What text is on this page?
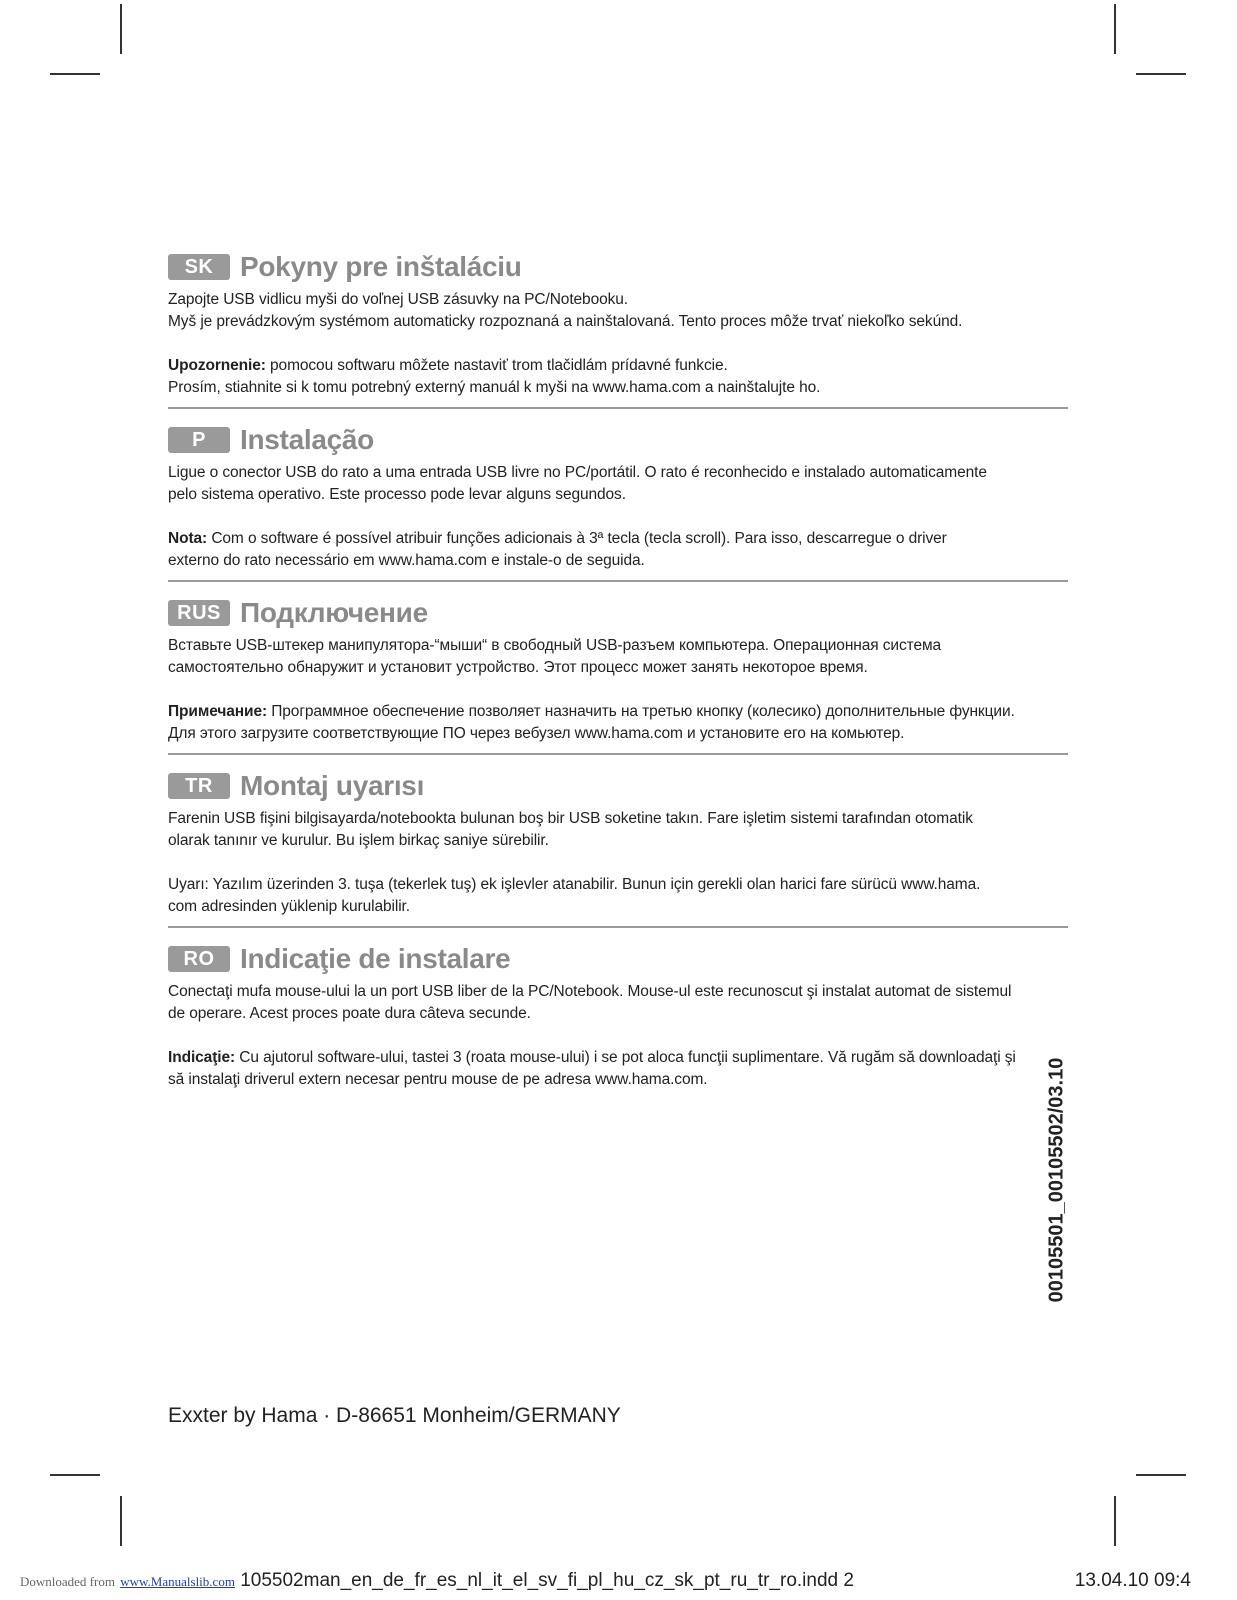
SK Pokyny pre inštaláciu

Zapojte USB vidlicu myši do voľnej USB zásuvky na PC/Notebooku.
Myš je prevádzkovým systémom automaticky rozpoznaná a nainštalovaná. Tento proces môže trvať niekoľko sekúnd.

Upozornenie: pomocou softwaru môžete nastaviť trom tlačidlám prídavné funkcie.
Prosím, stiahnite si k tomu potrebný externý manuál k myši na www.hama.com a nainštalujte ho.

P	Instalação

Ligue o conector USB do rato a uma entrada USB livre no PC/portátil. O rato é reconhecido e instalado automaticamente
pelo sistema operativo. Este processo pode levar alguns segundos.

Nota: Com o software é possível atribuir funções adicionais à 3ª tecla (tecla scroll). Para isso, descarregue o driver
externo do rato necessário em www.hama.com e instale-o de seguida.

RUS Подключение

Вставьте USB-штекер манипулятора-“мыши“ в свободный USB-разъем компьютера. Операционная система
самостоятельно обнаружит и установит устройство. Этот процесс может занять некоторое время.

Примечание: Программное обеспечение позволяет назначить на третью кнопку (колесико) дополнительные функции.
Для этого загрузите соответствующие ПО через вебузел www.hama.com и установите его на комьютер.

TR Montaj uyarısı

Farenin USB fişini bilgisayarda/notebookta bulunan boş bir USB soketine takın. Fare işletim sistemi tarafından otomatik
olarak tanınır ve kurulur. Bu işlem birkaç saniye sürebilir.

Uyarı: Yazılım üzerinden 3. tuşa (tekerlek tuş) ek işlevler atanabilir. Bunun için gerekli olan harici fare sürücü www.hama.
com adresinden yüklenip kurulabilir.

RO Indicaţie de instalare

Conectaţi mufa mouse-ului la un port USB liber de la PC/Notebook. Mouse-ul este recunoscut şi instalat automat de sistemul
de operare. Acest proces poate dura câteva secunde.

Indicaţie: Cu ajutorul software-ului, tastei 3 (roata mouse-ului) i se pot aloca funcţii suplimentare. Vă rugăm să downloadaţi şi
să instalaţi driverul extern necesar pentru mouse de pe adresa www.hama.com.

Exxter by Hama · D-86651 Monheim/GERMANY
00105501_00105502/03.10
Downloaded from www.Manualslib.com 105502man_en_de_fr_es_nl_it_el_sv_fi_pl_hu_cz_sk_pt_ru_tr_ro.indd 2	13.04.10 09:4
